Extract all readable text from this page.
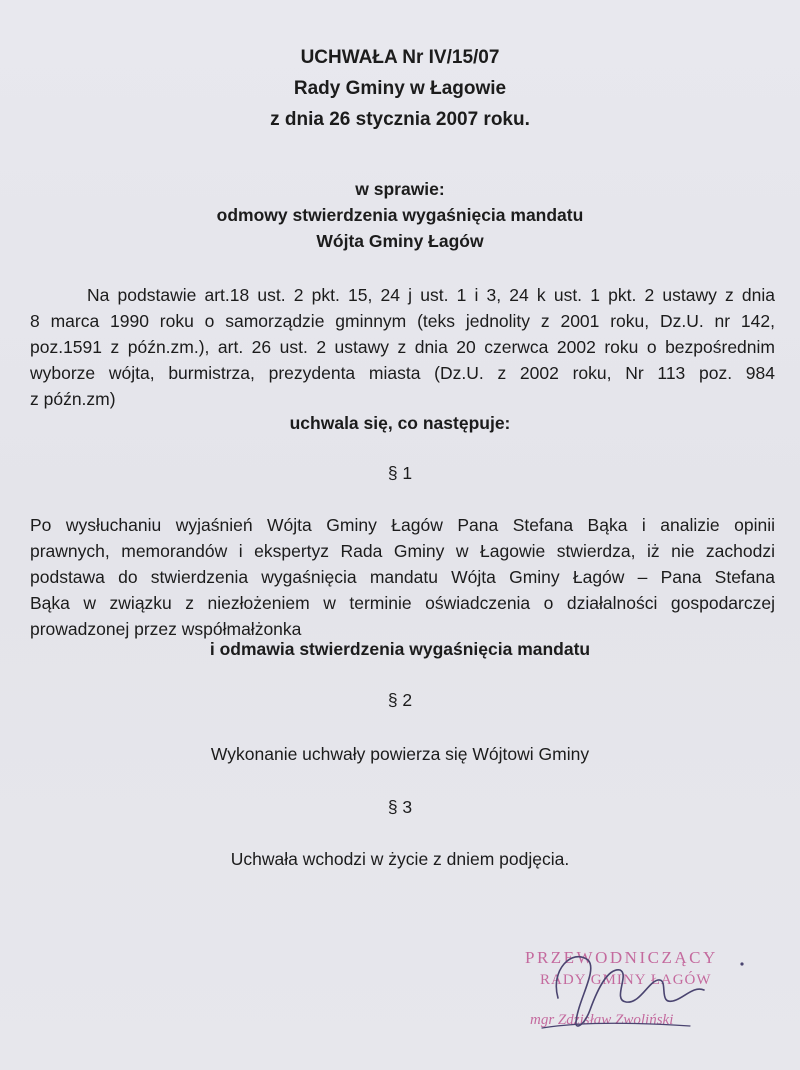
UCHWAŁA Nr IV/15/07
Rady Gminy w Łagowie
z dnia 26 stycznia 2007 roku.
w sprawie:
odmowy stwierdzenia wygaśnięcia mandatu
Wójta Gminy Łagów
Na podstawie art.18 ust. 2 pkt. 15, 24 j ust. 1 i 3, 24 k ust. 1 pkt. 2 ustawy z dnia
8 marca 1990 roku o samorządzie gminnym (teks jednolity z 2001 roku, Dz.U. nr 142,
poz.1591 z późn.zm.), art. 26 ust. 2 ustawy z dnia 20 czerwca 2002 roku o bezpośrednim
wyborze wójta, burmistrza, prezydenta miasta (Dz.U. z 2002 roku, Nr 113 poz. 984
z późn.zm)
uchwala się, co następuje:
§ 1
Po wysłuchaniu wyjaśnień Wójta Gminy Łagów Pana Stefana Bąka i analizie opinii
prawnych, memorandów i ekspertyz Rada Gminy w Łagowie stwierdza, iż nie zachodzi
podstawa do stwierdzenia wygaśnięcia mandatu Wójta Gminy Łagów – Pana Stefana
Bąka w związku z niezłożeniem w terminie oświadczenia o działalności gospodarczej
prowadzonej przez współmałżonka
i odmawia stwierdzenia wygaśnięcia mandatu
§ 2
Wykonanie uchwały powierza się Wójtowi Gminy
§ 3
Uchwała wchodzi w życie z dniem podjęcia.
PRZEWODNICZĄCY
RADY GMINY ŁAGÓW
mgr Zdzisław Zwoliński
